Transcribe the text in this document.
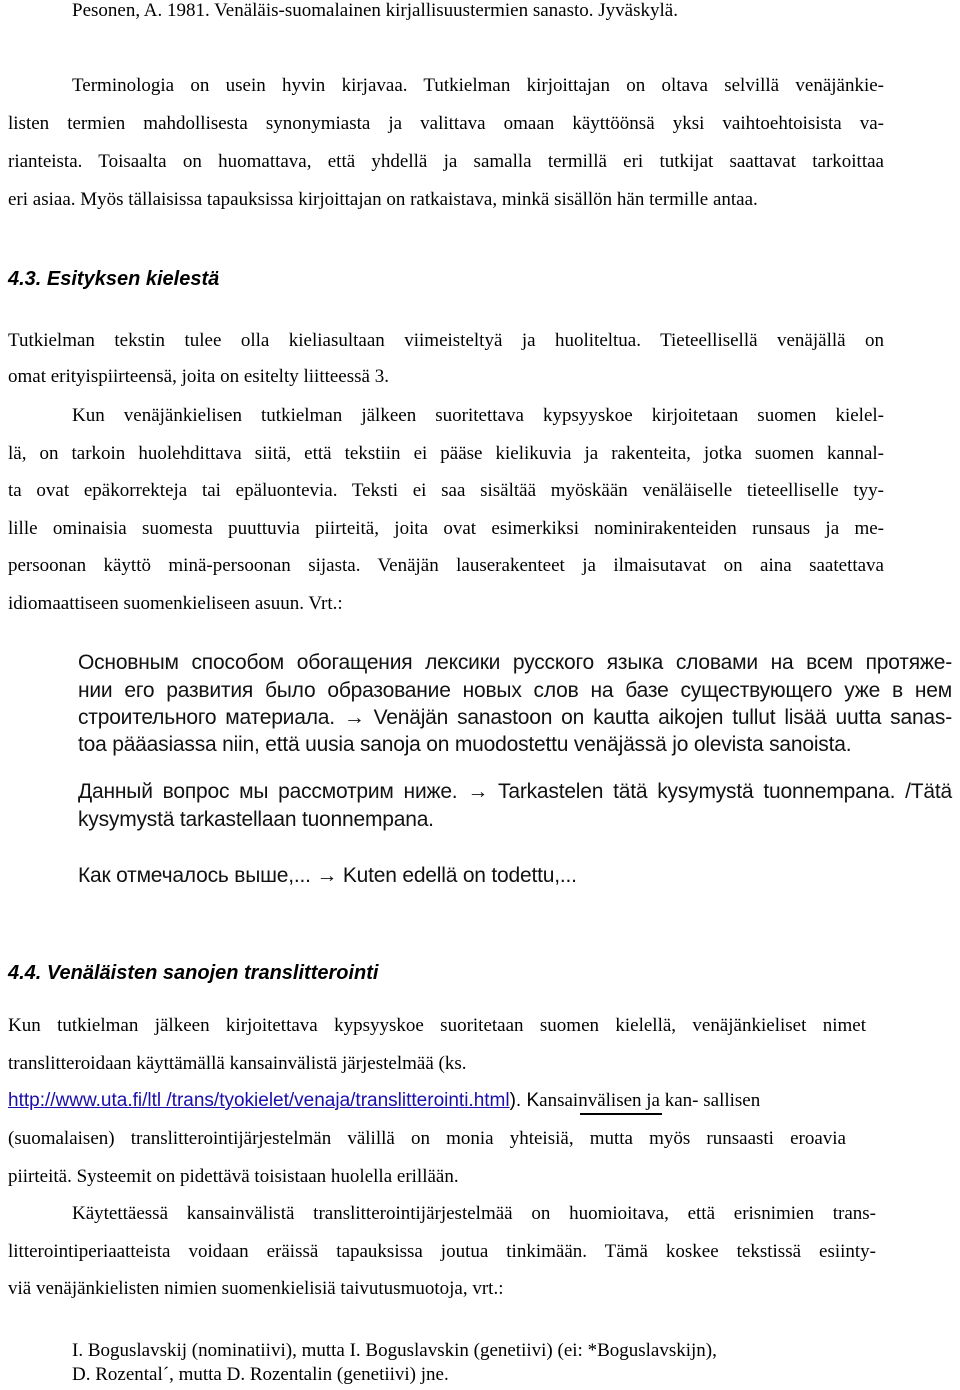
Pesonen, A. 1981. Venäläis-suomalainen kirjallisuustermien sanasto. Jyväskylä.
Terminologia on usein hyvin kirjavaa. Tutkielman kirjoittajan on oltava selvillä venäjänkie-
listen termien mahdollisesta synonymiasta ja valittava omaan käyttöönsä yksi vaihtoehtoisista va-
rianteista. Toisaalta on huomattava, että yhdellä ja samalla termillä eri tutkijat saattavat tarkoittaa
eri asiaa. Myös tällaisissa tapauksissa kirjoittajan on ratkaistava, minkä sisällön hän termille antaa.
4.3. Esityksen kielestä
Tutkielman tekstin tulee olla kieliasultaan viimeisteltyä ja huoliteltua. Tieteellisellä venäjällä on
omat erityispiirteensä, joita on esitelty liitteessä 3.
Kun venäjänkielisen tutkielman jälkeen suoritettava kypsyyskoe kirjoitetaan suomen kielel-
lä, on tarkoin huolehdittava siitä, että tekstiin ei pääse kielikuvia ja rakenteita, jotka suomen kannal-
ta ovat epäkorrekteja tai epäluontevia. Teksti ei saa sisältää myöskään venäläiselle tieteelliselle tyy-
lille ominaisia suomesta puuttuvia piirteitä, joita ovat esimerkiksi nominirakenteiden runsaus ja me-
persoonan käyttö minä-persoonan sijasta. Venäjän lauserakenteet ja ilmaisutavat on aina saatettava
idiomaattiseen suomenkieliseen asuun. Vrt.:
Основным способом обогащения лексики русского языка словами на всем протяже-
нии его развития было образование новых слов на базе существующего уже в нем
строительного материала. → Venäjän sanastoon on kautta aikojen tullut lisää uutta sanas-
toa pääasiassa niin, että uusia sanoja on muodostettu venäjässä jo olevista sanoista.
Данный вопрос мы рассмотрим ниже. → Tarkastelen tätä kysymystä tuonnempana. /Tätä
kysymystä tarkastellaan tuonnempana.
Как отмечалось выше,... → Kuten edellä on todettu,...
4.4. Venäläisten sanojen translitterointi
Kun tutkielman jälkeen kirjoitettava kypsyyskoe suoritetaan suomen kielellä, venäjänkieliset nimet
translitteroidaan käyttämällä kansainvälistä järjestelmää (ks.
http://www.uta.fi/ltl /trans/tyokielet/venaja/translitterointi.html). Kansainvälisen ja kan- sallisen
(suomalaisen) translitterointijärjestelmän välillä on monia yhteisiä, mutta myös runsaasti eroavia
piirteitä. Systeemit on pidettävä toisistaan huolella erillään.
Käytettäessä kansainvälistä translitterointijärjestelmää on huomioitava, että erisnimien trans-
litterointiperiaatteista voidaan eräissä tapauksissa joutua tinkimään. Tämä koskee tekstissä esiinty-
viä venäjänkielisten nimien suomenkielisiä taivutusmuotoja, vrt.:
I. Boguslavskij (nominatiivi), mutta I. Boguslavskin (genetiivi) (ei: *Boguslavskijn),
D. Rozental´, mutta D. Rozentalin (genetiivi) jne.
